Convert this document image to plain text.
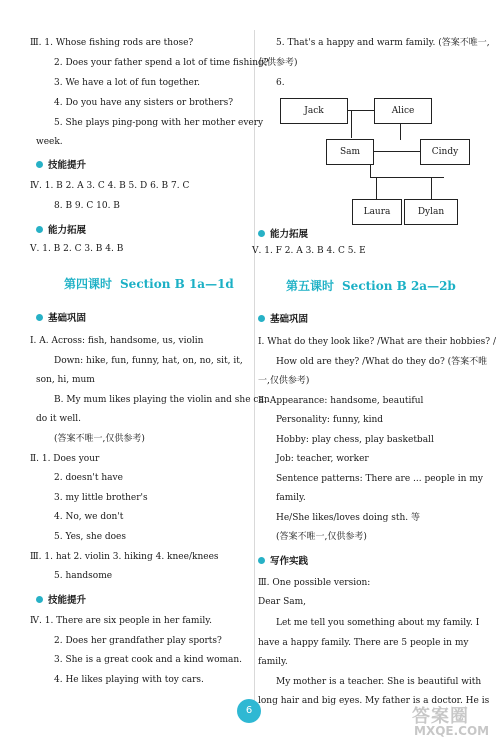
Ⅲ. 1. Whose fishing rods are those?
2. Does your father spend a lot of time fishing?
3. We have a lot of fun together.
4. Do you have any sisters or brothers?
5. She plays ping-pong with her mother every
week.
技能提升
Ⅳ. 1. B 2. A 3. C 4. B 5. D 6. B 7. C
8. B 9. C 10. B
能力拓展
Ⅴ. 1. B 2. C 3. B 4. B
第四课时 Section B 1a—1d
基础巩固
Ⅰ. A. Across: fish, handsome, us, violin
Down: hike, fun, funny, hat, on, no, sit, it,
son, hi, mum
B. My mum likes playing the violin and she can
do it well.
(答案不唯一,仅供参考)
Ⅱ. 1. Does your
2. doesn't have
3. my little brother's
4. No, we don't
5. Yes, she does
Ⅲ. 1. hat 2. violin 3. hiking 4. knee/knees
5. handsome
技能提升
Ⅳ. 1. There are six people in her family.
2. Does her grandfather play sports?
3. She is a great cook and a kind woman.
4. He likes playing with toy cars.
5. That's a happy and warm family. (答案不唯一,
仅供参考)
6.
Jack	Alice
Sam	Cindy
Laura	Dylan
能力拓展
Ⅴ. 1. F 2. A 3. B 4. C 5. E
第五课时 Section B 2a—2b
基础巩固
Ⅰ. What do they look like? /What are their hobbies? /
How old are they? /What do they do? (答案不唯
一,仅供参考)
Ⅱ. Appearance: handsome, beautiful
Personality: funny, kind
Hobby: play chess, play basketball
Job: teacher, worker
Sentence patterns: There are ... people in my
family.
He/She likes/loves doing sth. 等
(答案不唯一,仅供参考)
写作实践
Ⅲ. One possible version:
Dear Sam,
Let me tell you something about my family. I
have a happy family. There are 5 people in my
family.
My mother is a teacher. She is beautiful with
long hair and big eyes. My father is a doctor. He is
6	答案圈
MXQE.COM
